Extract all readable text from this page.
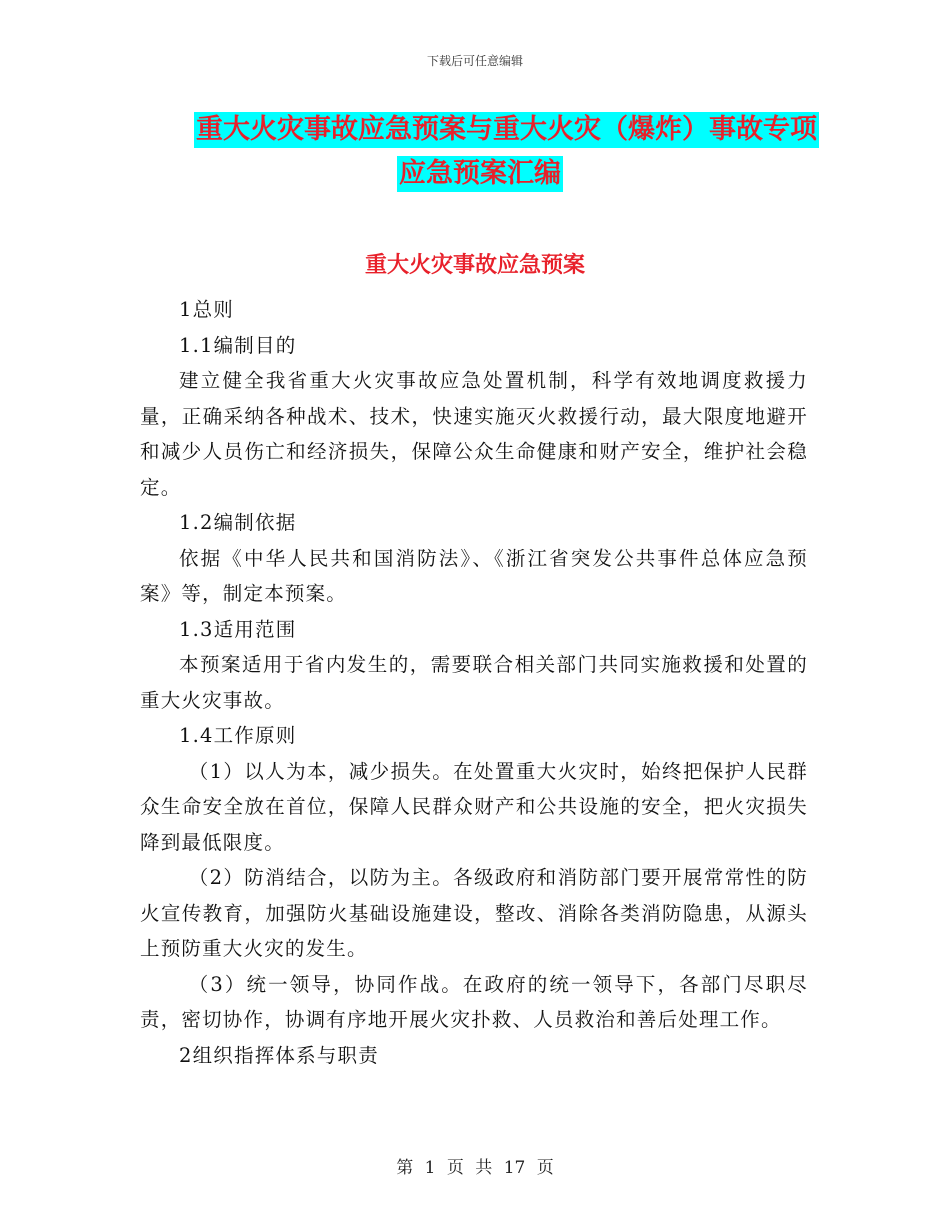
下载后可任意编辑
重大火灾事故应急预案与重大火灾（爆炸）事故专项
应急预案汇编
重大火灾事故应急预案

1总则

1.1编制目的

建立健全我省重大火灾事故应急处置机制，科学有效地调度救援力量，正确采纳各种战术、技术，快速实施灭火救援行动，最大限度地避开和减少人员伤亡和经济损失，保障公众生命健康和财产安全，维护社会稳定。

1.2编制依据

依据《中华人民共和国消防法》、《浙江省突发公共事件总体应急预案》等，制定本预案。

1.3适用范围

本预案适用于省内发生的，需要联合相关部门共同实施救援和处置的重大火灾事故。

1.4工作原则

（1）以人为本，减少损失。在处置重大火灾时，始终把保护人民群众生命安全放在首位，保障人民群众财产和公共设施的安全，把火灾损失降到最低限度。

（2）防消结合，以防为主。各级政府和消防部门要开展常常性的防火宣传教育，加强防火基础设施建设，整改、消除各类消防隐患，从源头上预防重大火灾的发生。

（3）统一领导，协同作战。在政府的统一领导下，各部门尽职尽责，密切协作，协调有序地开展火灾扑救、人员救治和善后处理工作。

2组织指挥体系与职责

第 1 页 共 17 页
